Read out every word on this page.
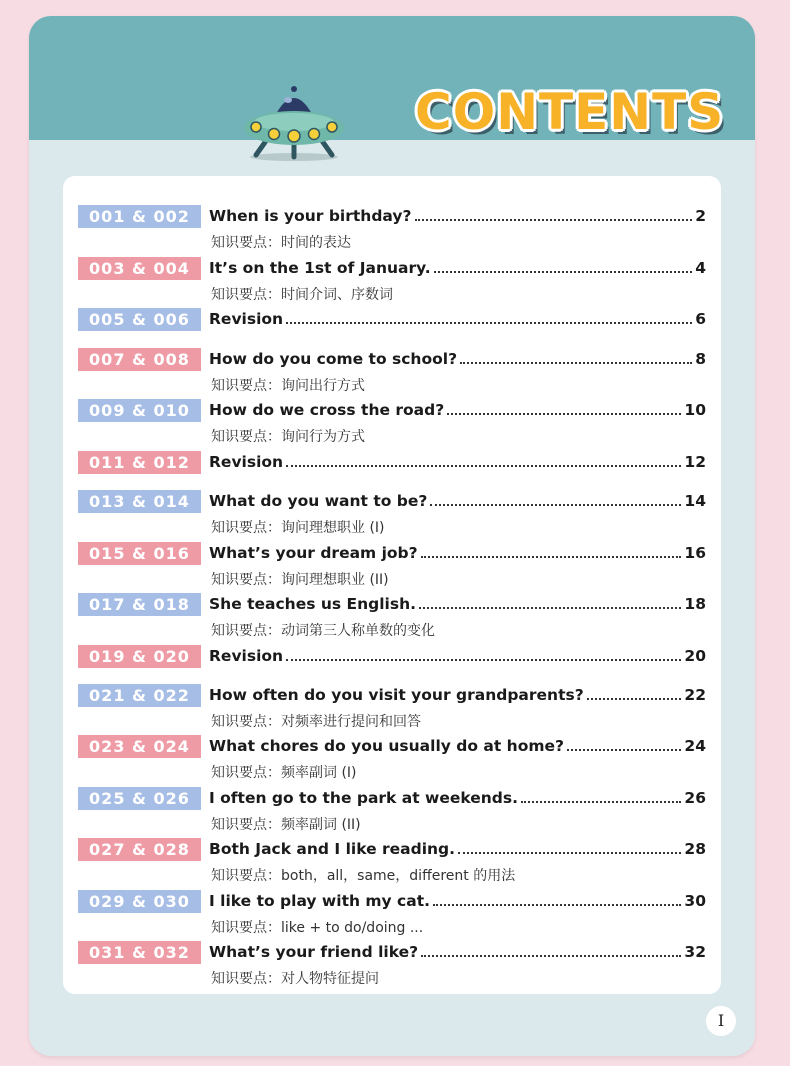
CONTENTS
001 & 002	When is your birthday?	2
知识要点：时间的表达
003 & 004	It’s on the 1st of January.	4
知识要点：时间介词、序数词
005 & 006	Revision	6
007 & 008	How do you come to school?	8
知识要点：询问出行方式
009 & 010	How do we cross the road?	10
知识要点：询问行为方式
011 & 012	Revision	12
013 & 014	What do you want to be?	14
知识要点：询问理想职业 (I)
015 & 016	What’s your dream job?	16
知识要点：询问理想职业 (II)
017 & 018	She teaches us English.	18
知识要点：动词第三人称单数的变化
019 & 020	Revision	20
021 & 022	How often do you visit your grandparents?	22
知识要点：对频率进行提问和回答
023 & 024	What chores do you usually do at home?	24
知识要点：频率副词 (I)
025 & 026	I often go to the park at weekends.	26
知识要点：频率副词 (II)
027 & 028	Both Jack and I like reading.	28
知识要点：both，all，same，different 的用法
029 & 030	I like to play with my cat.	30
知识要点：like + to do/doing ...
031 & 032	What’s your friend like?	32
知识要点：对人物特征提问
I
